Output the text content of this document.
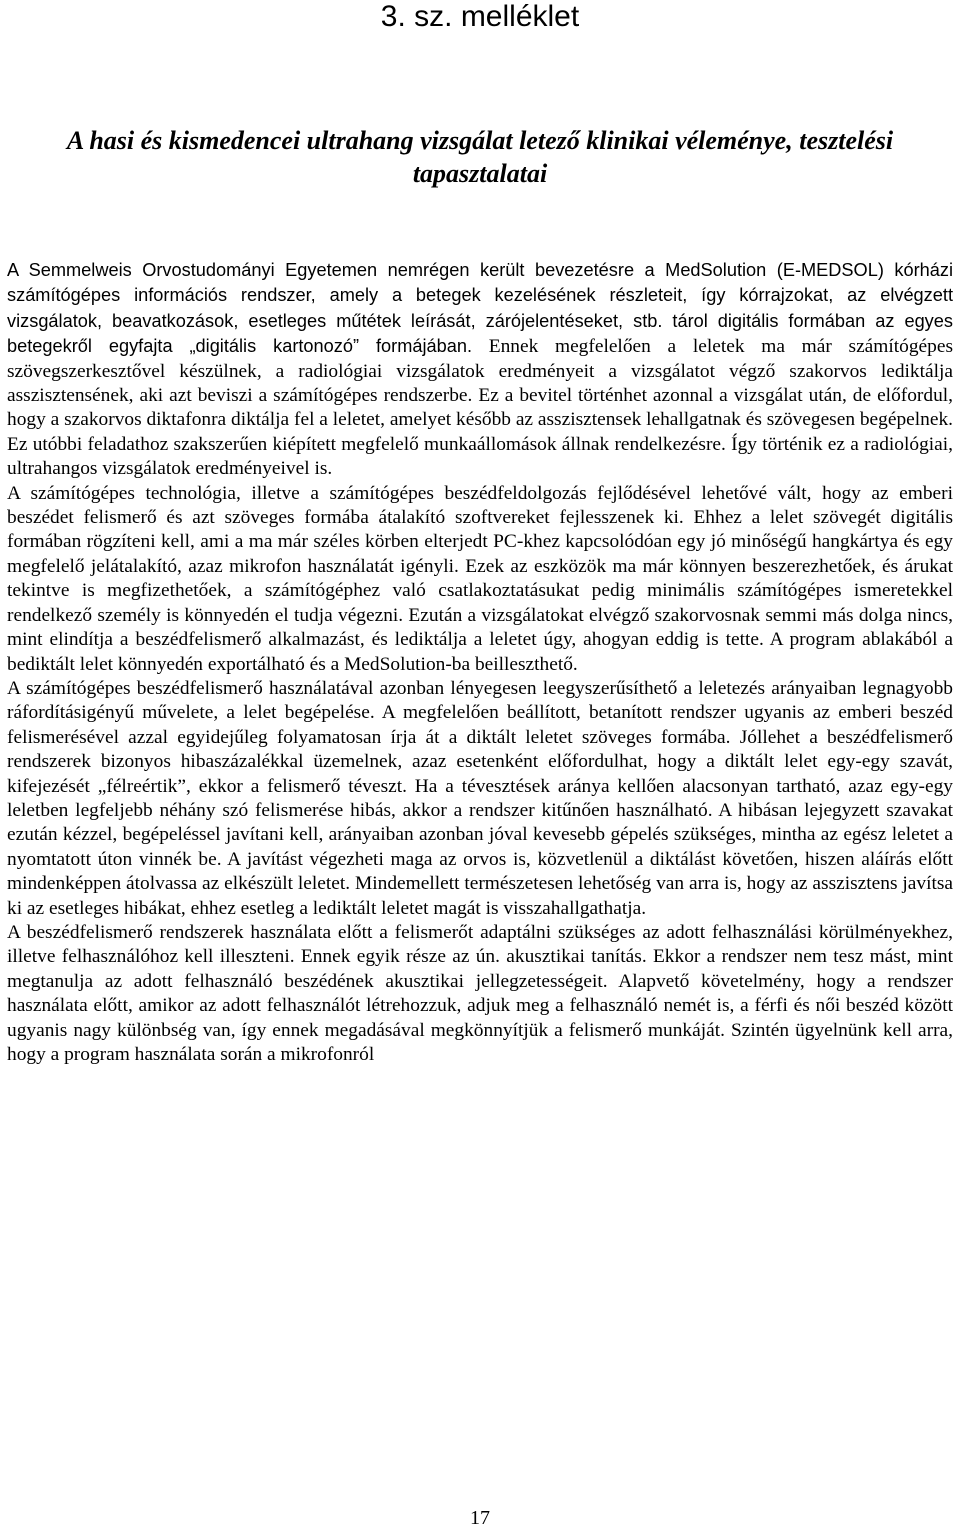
3. sz. melléklet
A hasi és kismedencei ultrahang vizsgálat letező klinikai véleménye, tesztelési tapasztalatai

A Semmelweis Orvostudományi Egyetemen nemrégen került bevezetésre a MedSolution (E-MEDSOL) kórházi számítógépes információs rendszer, amely a betegek kezelésének részleteit, így kórrajzokat, az elvégzett vizsgálatok, beavatkozások, esetleges műtétek leírását, zárójelentéseket, stb. tárol digitális formában az egyes betegekről egyfajta „digitális kartonozó” formájában. Ennek megfelelően a leletek ma már számítógépes szövegszerkesztővel készülnek, a radiológiai vizsgálatok eredményeit a vizsgálatot végző szakorvos lediktálja asszisztensének, aki azt beviszi a számítógépes rendszerbe. Ez a bevitel történhet azonnal a vizsgálat után, de előfordul, hogy a szakorvos diktafonra diktálja fel a leletet, amelyet később az asszisztensek lehallgatnak és szövegesen begépelnek. Ez utóbbi feladathoz szakszerűen kiépített megfelelő munkaállomások állnak rendelkezésre. Így történik ez a radiológiai, ultrahangos vizsgálatok eredményeivel is.

A számítógépes technológia, illetve a számítógépes beszédfeldolgozás fejlődésével lehetővé vált, hogy az emberi beszédet felismerő és azt szöveges formába átalakító szoftvereket fejlesszenek ki. Ehhez a lelet szövegét digitális formában rögzíteni kell, ami a ma már széles körben elterjedt PC-khez kapcsolódóan egy jó minőségű hangkártya és egy megfelelő jelátalakító, azaz mikrofon használatát igényli. Ezek az eszközök ma már könnyen beszerezhetőek, és árukat tekintve is megfizethetőek, a számítógéphez való csatlakoztatásukat pedig minimális számítógépes ismeretekkel rendelkező személy is könnyedén el tudja végezni. Ezután a vizsgálatokat elvégző szakorvosnak semmi más dolga nincs, mint elindítja a beszédfelismerő alkalmazást, és lediktálja a leletet úgy, ahogyan eddig is tette. A program ablakából a bediktált lelet könnyedén exportálható és a MedSolution-ba beilleszthető.

A számítógépes beszédfelismerő használatával azonban lényegesen leegyszerűsíthető a leletezés arányaiban legnagyobb ráfordításigényű művelete, a lelet begépelése. A megfelelően beállított, betanított rendszer ugyanis az emberi beszéd felismerésével azzal egyidejűleg folyamatosan írja át a diktált leletet szöveges formába. Jóllehet a beszédfelismerő rendszerek bizonyos hibaszázalékkal üzemelnek, azaz esetenként előfordulhat, hogy a diktált lelet egy-egy szavát, kifejezését „félreértik”, ekkor a felismerő téveszt. Ha a tévesztések aránya kellően alacsonyan tartható, azaz egy-egy leletben legfeljebb néhány szó felismerése hibás, akkor a rendszer kitűnően használható. A hibásan lejegyzett szavakat ezután kézzel, begépeléssel javítani kell, arányaiban azonban jóval kevesebb gépelés szükséges, mintha az egész leletet a nyomtatott úton vinnék be. A javítást végezheti maga az orvos is, közvetlenül a diktálást követően, hiszen aláírás előtt mindenképpen átolvassa az elkészült leletet. Mindemellett természetesen lehetőség van arra is, hogy az asszisztens javítsa ki az esetleges hibákat, ehhez esetleg a lediktált leletet magát is visszahallgathatja.

A beszédfelismerő rendszerek használata előtt a felismerőt adaptálni szükséges az adott felhasználási körülményekhez, illetve felhasználóhoz kell illeszteni. Ennek egyik része az ún. akusztikai tanítás. Ekkor a rendszer nem tesz mást, mint megtanulja az adott felhasználó beszédének akusztikai jellegzetességeit. Alapvető követelmény, hogy a rendszer használata előtt, amikor az adott felhasználót létrehozzuk, adjuk meg a felhasználó nemét is, a férfi és női beszéd között ugyanis nagy különbség van, így ennek megadásával megkönnyítjük a felismerő munkáját. Szintén ügyelnünk kell arra, hogy a program használata során a mikrofonról

17
